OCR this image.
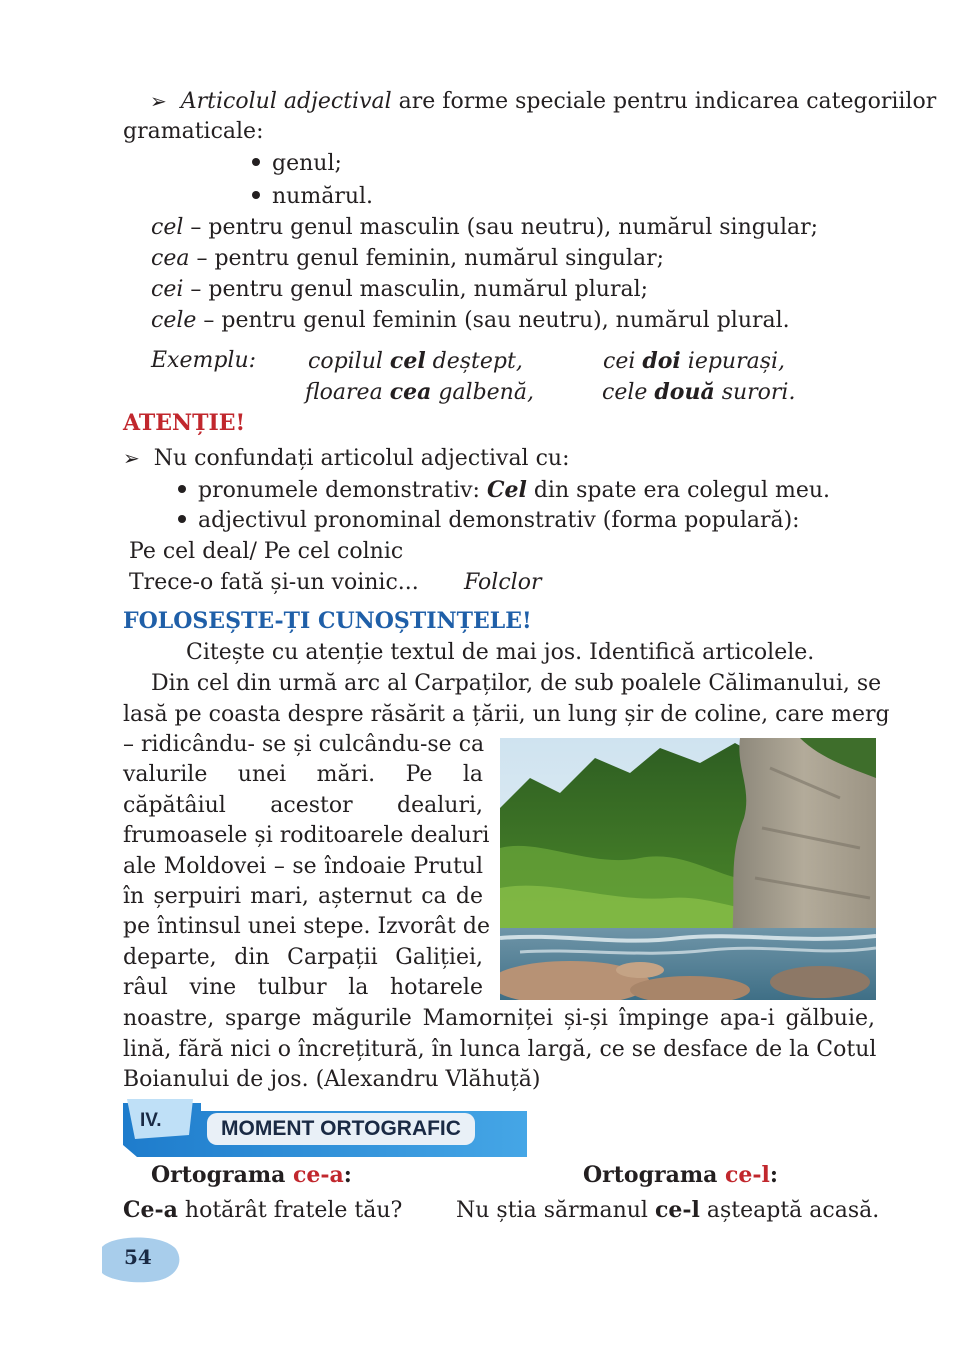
➢ Articolul adjectival are forme speciale pentru indicarea categoriilor
gramaticale:
genul;
numărul.
cel – pentru genul masculin (sau neutru), numărul singular;
cea – pentru genul feminin, numărul singular;
cei – pentru genul masculin, numărul plural;
cele – pentru genul feminin (sau neutru), numărul plural.
Exemplu: copilul cel deștept,	cei doi iepurași,
floarea cea galbenă,	cele două surori.
ATENȚIE!
➢ Nu confundați articolul adjectival cu:
pronumele demonstrativ: Cel din spate era colegul meu.
adjectivul pronominal demonstrativ (forma populară):
Pe cel deal/ Pe cel colnic
Trece-o fată și-un voinic... Folclor
FOLOSEȘTE-ȚI CUNOȘTINȚELE!
Citește cu atenție textul de mai jos. Identifică articolele.
Din cel din urmă arc al Carpaților, de sub poalele Călimanului, se
lasă pe coasta despre răsărit a țării, un lung șir de coline, care merg
– ridicându- se și culcându-se ca
valurile unei mări. Pe la
căpătâiul acestor dealuri,
frumoasele și roditoarele dealuri
ale Moldovei – se îndoaie Prutul
în șerpuiri mari, așternut ca de
pe întinsul unei stepe. Izvorât de
departe, din Carpații Galiției,
râul vine tulbur la hotarele
noastre, sparge măgurile Mamorniței și-și împinge apa-i gălbuie,
lină, fără nici o încrețitură, în lunca largă, ce se desface de la Cotul
Boianului de jos. (Alexandru Vlăhuță)
IV.	MOMENT ORTOGRAFIC
Ortograma ce-a:	Ortograma ce-l:
Ce-a hotărât fratele tău? Nu știa sărmanul ce-l așteaptă acasă.
54
